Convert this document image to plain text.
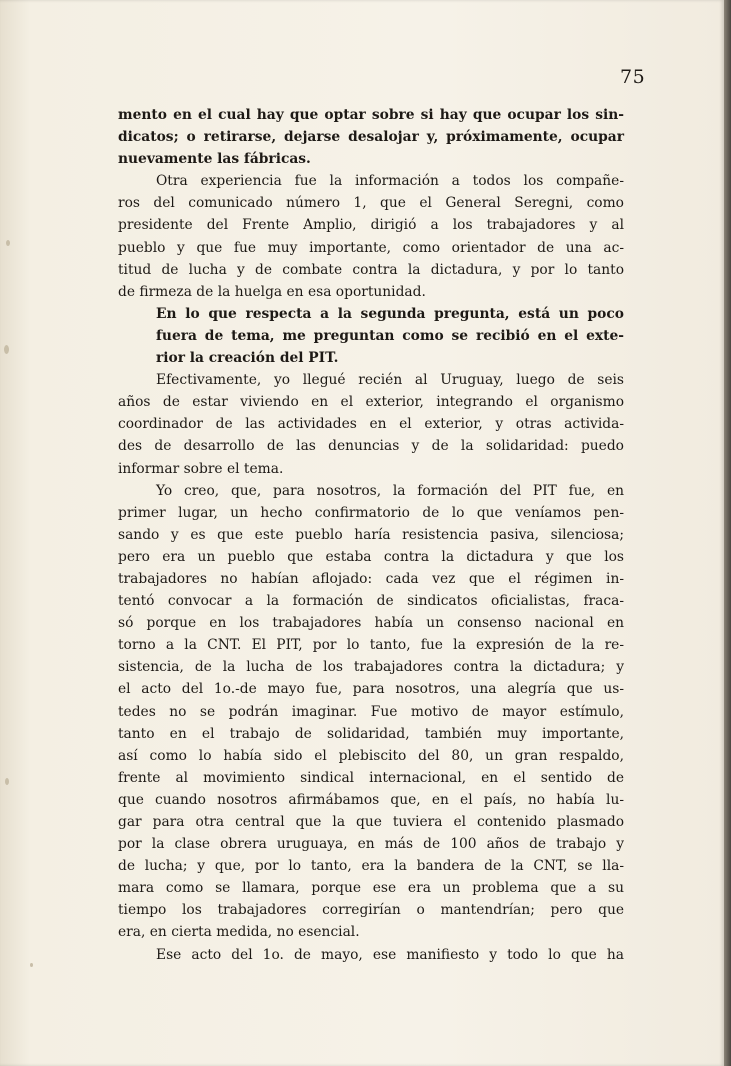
75
mento en el cual hay que optar sobre si hay que ocupar los sin-
dicatos; o retirarse, dejarse desalojar y, próximamente, ocupar
nuevamente las fábricas.
Otra experiencia fue la información a todos los compañe-
ros del comunicado número 1, que el General Seregni, como
presidente del Frente Amplio, dirigió a los trabajadores y al
pueblo y que fue muy importante, como orientador de una ac-
titud de lucha y de combate contra la dictadura, y por lo tanto
de firmeza de la huelga en esa oportunidad.
En lo que respecta a la segunda pregunta, está un poco
fuera de tema, me preguntan como se recibió en el exte-
rior la creación del PIT.
Efectivamente, yo llegué recién al Uruguay, luego de seis
años de estar viviendo en el exterior, integrando el organismo
coordinador de las actividades en el exterior, y otras activida-
des de desarrollo de las denuncias y de la solidaridad: puedo
informar sobre el tema.
Yo creo, que, para nosotros, la formación del PIT fue, en
primer lugar, un hecho confirmatorio de lo que veníamos pen-
sando y es que este pueblo haría resistencia pasiva, silenciosa;
pero era un pueblo que estaba contra la dictadura y que los
trabajadores no habían aflojado: cada vez que el régimen in-
tentó convocar a la formación de sindicatos oficialistas, fraca-
só porque en los trabajadores había un consenso nacional en
torno a la CNT. El PIT, por lo tanto, fue la expresión de la re-
sistencia, de la lucha de los trabajadores contra la dictadura; y
el acto del 1o.-de mayo fue, para nosotros, una alegría que us-
tedes no se podrán imaginar. Fue motivo de mayor estímulo,
tanto en el trabajo de solidaridad, también muy importante,
así como lo había sido el plebiscito del 80, un gran respaldo,
frente al movimiento sindical internacional, en el sentido de
que cuando nosotros afirmábamos que, en el país, no había lu-
gar para otra central que la que tuviera el contenido plasmado
por la clase obrera uruguaya, en más de 100 años de trabajo y
de lucha; y que, por lo tanto, era la bandera de la CNT, se lla-
mara como se llamara, porque ese era un problema que a su
tiempo los trabajadores corregirían o mantendrían; pero que
era, en cierta medida, no esencial.
Ese acto del 1o. de mayo, ese manifiesto y todo lo que ha
